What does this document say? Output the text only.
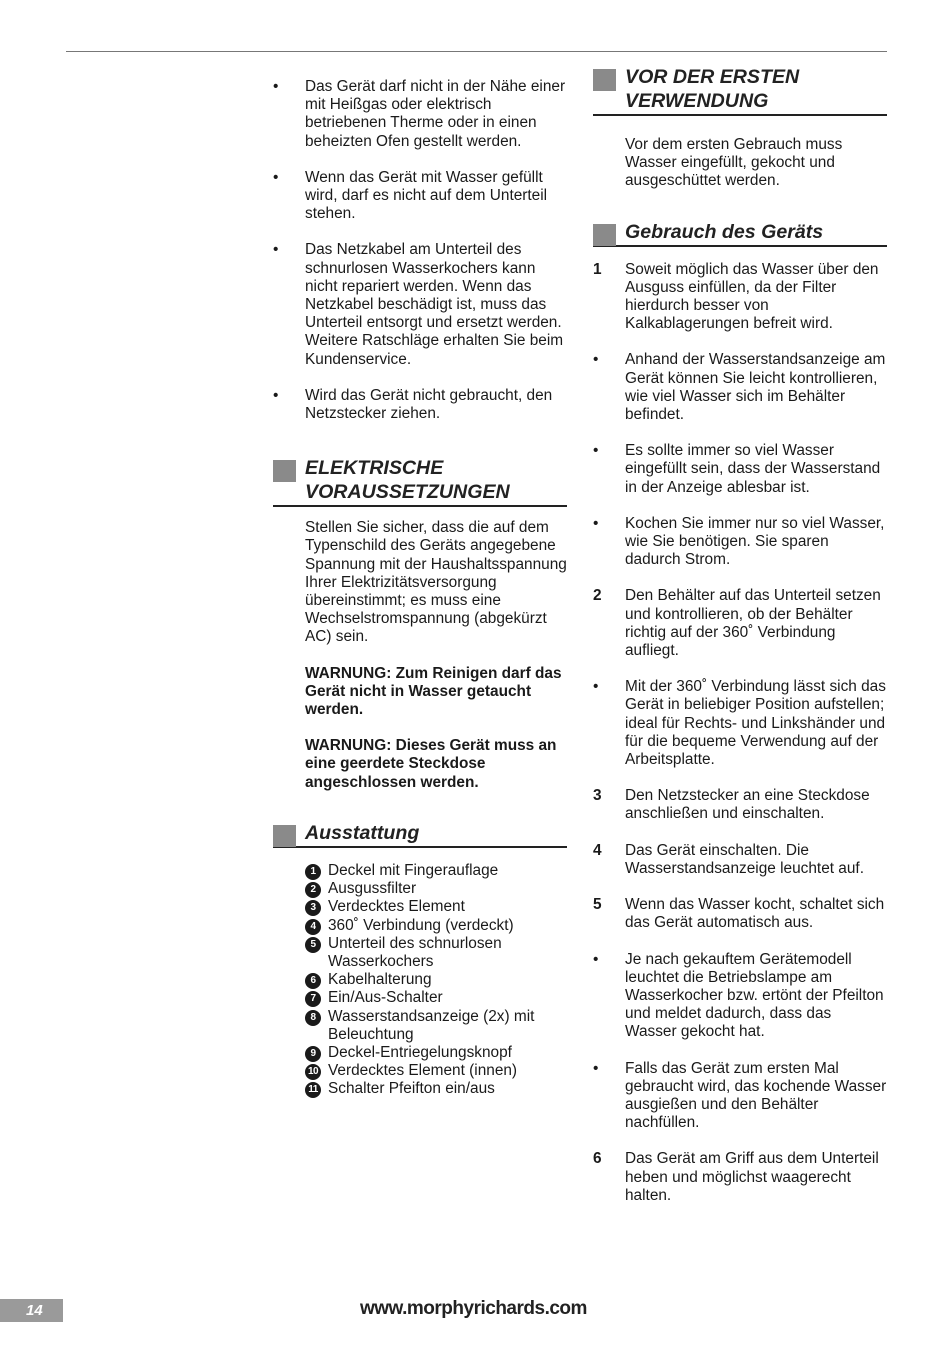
•	Das Gerät darf nicht in der Nähe einer mit Heißgas oder elektrisch betriebenen Therme oder in einen beheizten Ofen gestellt werden.
•	Wenn das Gerät mit Wasser gefüllt wird, darf es nicht auf dem Unterteil stehen.
•	Das Netzkabel am Unterteil des schnurlosen Wasserkochers kann nicht repariert werden. Wenn das Netzkabel beschädigt ist, muss das Unterteil entsorgt und ersetzt werden. Weitere Ratschläge erhalten Sie beim Kundenservice.
•	Wird das Gerät nicht gebraucht, den Netzstecker ziehen.
ELEKTRISCHE
VORAUSSETZUNGEN
Stellen Sie sicher, dass die auf dem Typenschild des Geräts angegebene Spannung mit der Haushaltsspannung Ihrer Elektrizitätsversorgung übereinstimmt; es muss eine Wechselstromspannung (abgekürzt AC) sein.
WARNUNG: Zum Reinigen darf das Gerät nicht in Wasser getaucht werden.
WARNUNG: Dieses Gerät muss an eine geerdete Steckdose angeschlossen werden.
Ausstattung
1 Deckel mit Fingerauflage
2 Ausgussfilter
3 Verdecktes Element
4 360˚ Verbindung (verdeckt)
5 Unterteil des schnurlosen Wasserkochers
6 Kabelhalterung
7 Ein/Aus-Schalter
8 Wasserstandsanzeige (2x) mit Beleuchtung
9 Deckel-Entriegelungsknopf
10 Verdecktes Element (innen)
11 Schalter Pfeifton ein/aus
VOR DER ERSTEN
VERWENDUNG
Vor dem ersten Gebrauch muss Wasser eingefüllt, gekocht und ausgeschüttet werden.
Gebrauch des Geräts
1	Soweit möglich das Wasser über den Ausguss einfüllen, da der Filter hierdurch besser von Kalkablagerungen befreit wird.
•	Anhand der Wasserstandsanzeige am Gerät können Sie leicht kontrollieren, wie viel Wasser sich im Behälter befindet.
•	Es sollte immer so viel Wasser eingefüllt sein, dass der Wasserstand in der Anzeige ablesbar ist.
•	Kochen Sie immer nur so viel Wasser, wie Sie benötigen. Sie sparen dadurch Strom.
2	Den Behälter auf das Unterteil setzen und kontrollieren, ob der Behälter richtig auf der 360˚ Verbindung aufliegt.
•	Mit der 360˚ Verbindung lässt sich das Gerät in beliebiger Position aufstellen; ideal für Rechts- und Linkshänder und für die bequeme Verwendung auf der Arbeitsplatte.
3	Den Netzstecker an eine Steckdose anschließen und einschalten.
4	Das Gerät einschalten. Die Wasserstandsanzeige leuchtet auf.
5	Wenn das Wasser kocht, schaltet sich das Gerät automatisch aus.
•	Je nach gekauftem Gerätemodell leuchtet die Betriebslampe am Wasserkocher bzw. ertönt der Pfeilton und meldet dadurch, dass das Wasser gekocht hat.
•	Falls das Gerät zum ersten Mal gebraucht wird, das kochende Wasser ausgießen und den Behälter nachfüllen.
6	Das Gerät am Griff aus dem Unterteil heben und möglichst waagerecht halten.
14	www.morphyrichards.com
